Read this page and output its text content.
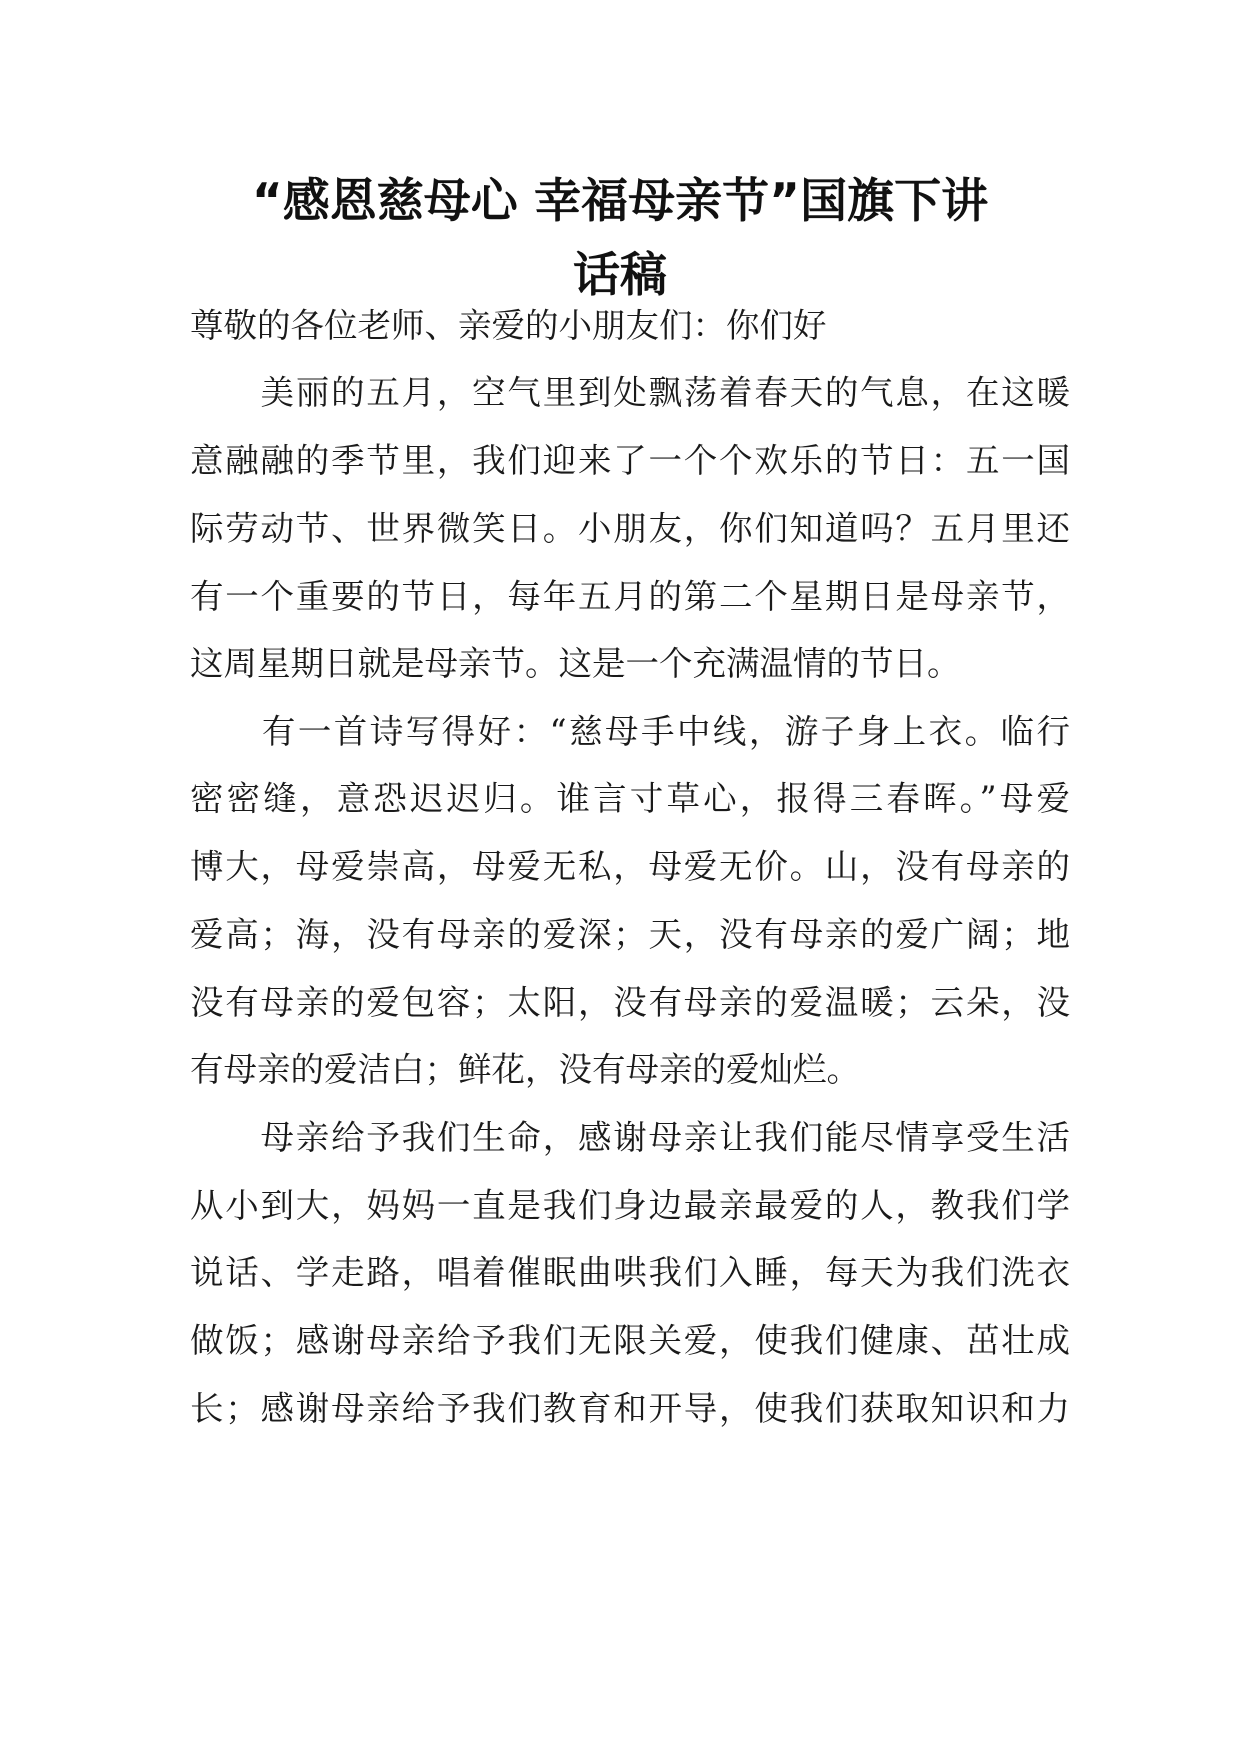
“感恩慈母心 幸福母亲节”国旗下讲
话稿
尊敬的各位老师、亲爱的小朋友们：你们好
　　美丽的五月，空气里到处飘荡着春天的气息，在这暖
意融融的季节里，我们迎来了一个个欢乐的节日：五一国
际劳动节、世界微笑日。小朋友，你们知道吗？五月里还
有一个重要的节日，每年五月的第二个星期日是母亲节，
这周星期日就是母亲节。这是一个充满温情的节日。
　　有一首诗写得好：“慈母手中线，游子身上衣。临行
密密缝，意恐迟迟归。谁言寸草心，报得三春晖。”母爱
博大，母爱崇高，母爱无私，母爱无价。山，没有母亲的
爱高；海，没有母亲的爱深；天，没有母亲的爱广阔；地
没有母亲的爱包容；太阳，没有母亲的爱温暖；云朵，没
有母亲的爱洁白；鲜花，没有母亲的爱灿烂。
　　母亲给予我们生命，感谢母亲让我们能尽情享受生活
从小到大，妈妈一直是我们身边最亲最爱的人，教我们学
说话、学走路，唱着催眠曲哄我们入睡，每天为我们洗衣
做饭；感谢母亲给予我们无限关爱，使我们健康、茁壮成
长；感谢母亲给予我们教育和开导，使我们获取知识和力
